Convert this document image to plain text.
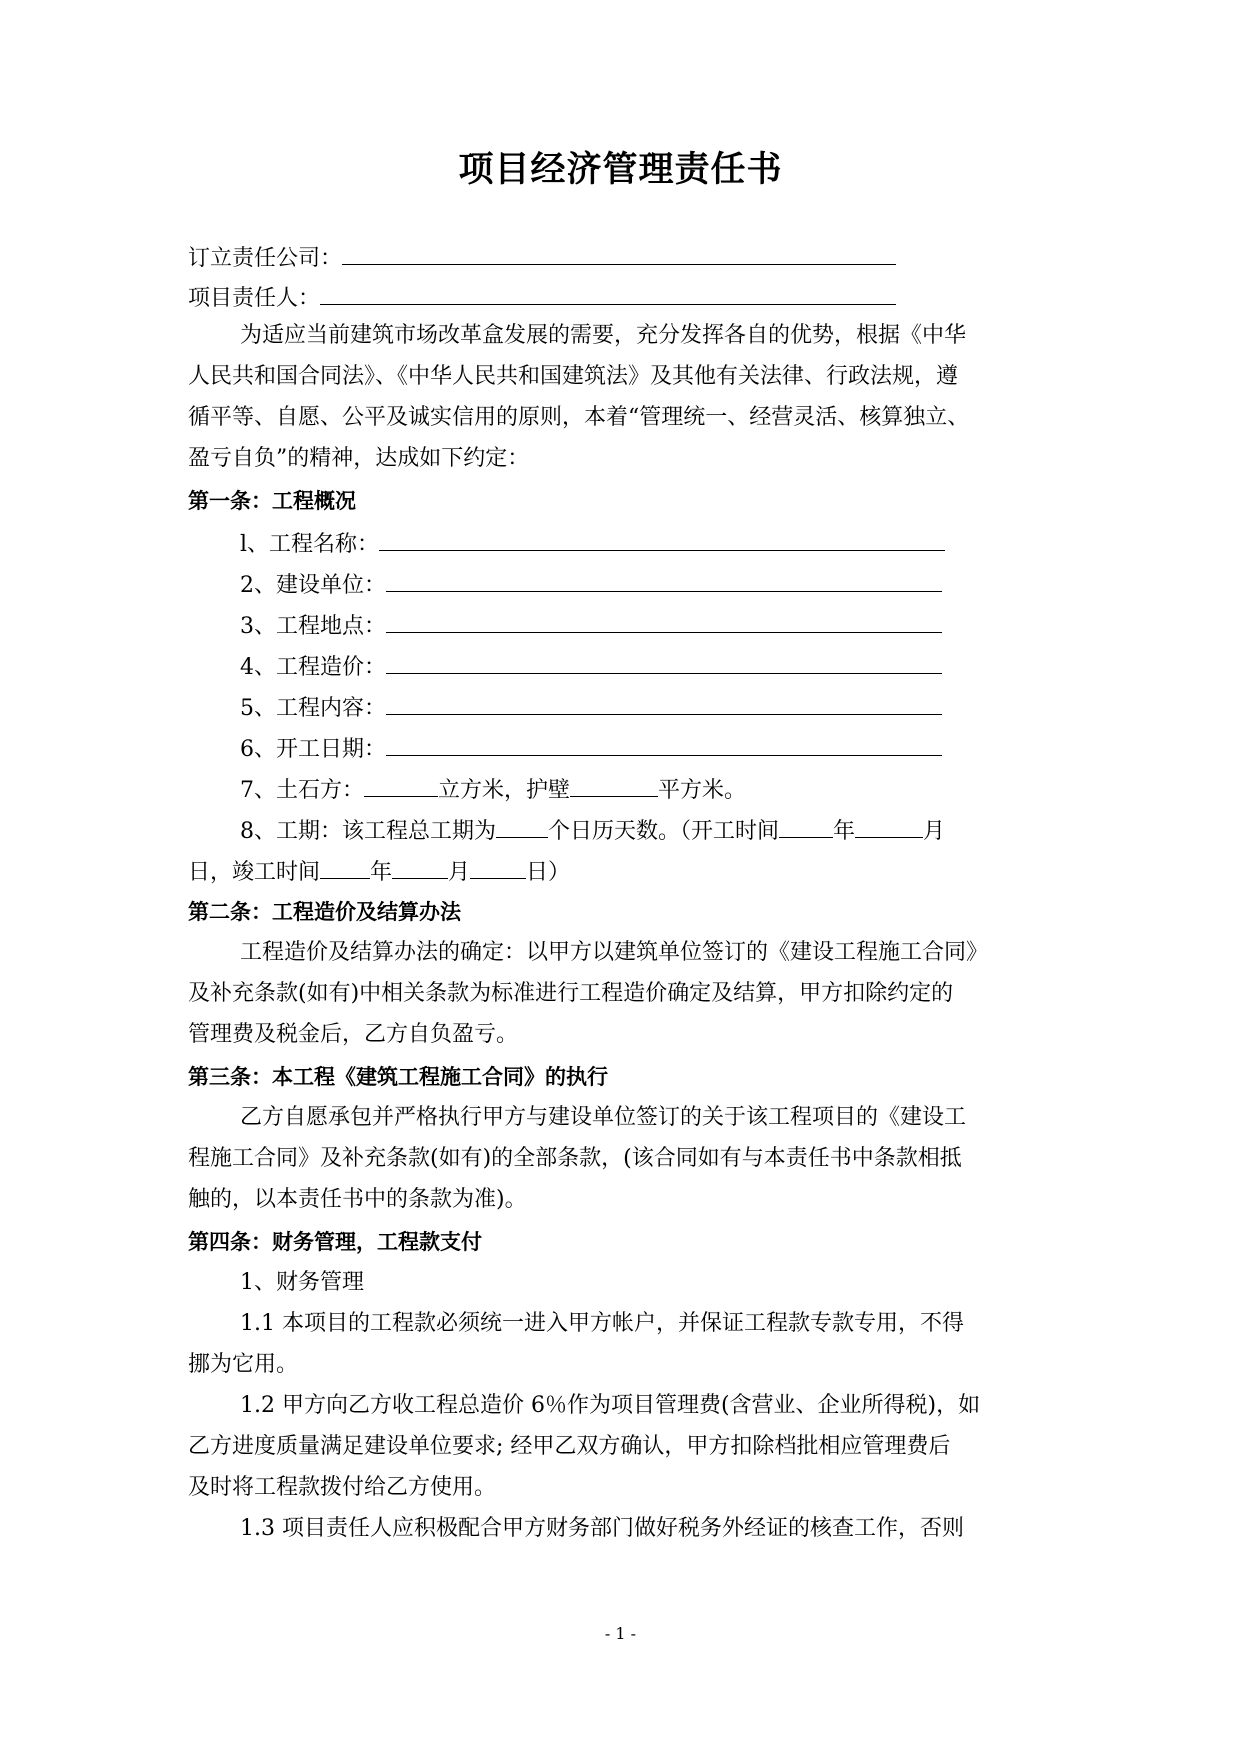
项目经济管理责任书
订立责任公司：
项目责任人：
为适应当前建筑市场改革盒发展的需要，充分发挥各自的优势，根据《中华
人民共和国合同法》、《中华人民共和国建筑法》及其他有关法律、行政法规，遵
循平等、自愿、公平及诚实信用的原则，本着“管理统一、经营灵活、核算独立、
盈亏自负”的精神，达成如下约定：
第一条：工程概况
l、工程名称：
2、建设单位：
3、工程地点：
4、工程造价：
5、工程内容：
6、开工日期：
7、土石方：	立方米，护壁	平方米。
8、工期：该工程总工期为 个日历天数。（开工时间 年	月
日，竣工时间 年	月	日）
第二条：工程造价及结算办法
工程造价及结算办法的确定：以甲方以建筑单位签订的《建设工程施工合同》
及补充条款(如有)中相关条款为标准进行工程造价确定及结算，甲方扣除约定的
管理费及税金后，乙方自负盈亏。
第三条：本工程《建筑工程施工合同》的执行
乙方自愿承包并严格执行甲方与建设单位签订的关于该工程项目的《建设工
程施工合同》及补充条款(如有)的全部条款，(该合同如有与本责任书中条款相抵
触的，以本责任书中的条款为准)。
第四条：财务管理，工程款支付
1、财务管理
1.1 本项目的工程款必须统一进入甲方帐户，并保证工程款专款专用，不得
挪为它用。
1.2 甲方向乙方收工程总造价 6％作为项目管理费(含营业、企业所得税)，如
乙方进度质量满足建设单位要求; 经甲乙双方确认，甲方扣除档批相应管理费后
及时将工程款拨付给乙方使用。
1.3 项目责任人应积极配合甲方财务部门做好税务外经证的核查工作，否则
- 1 -
